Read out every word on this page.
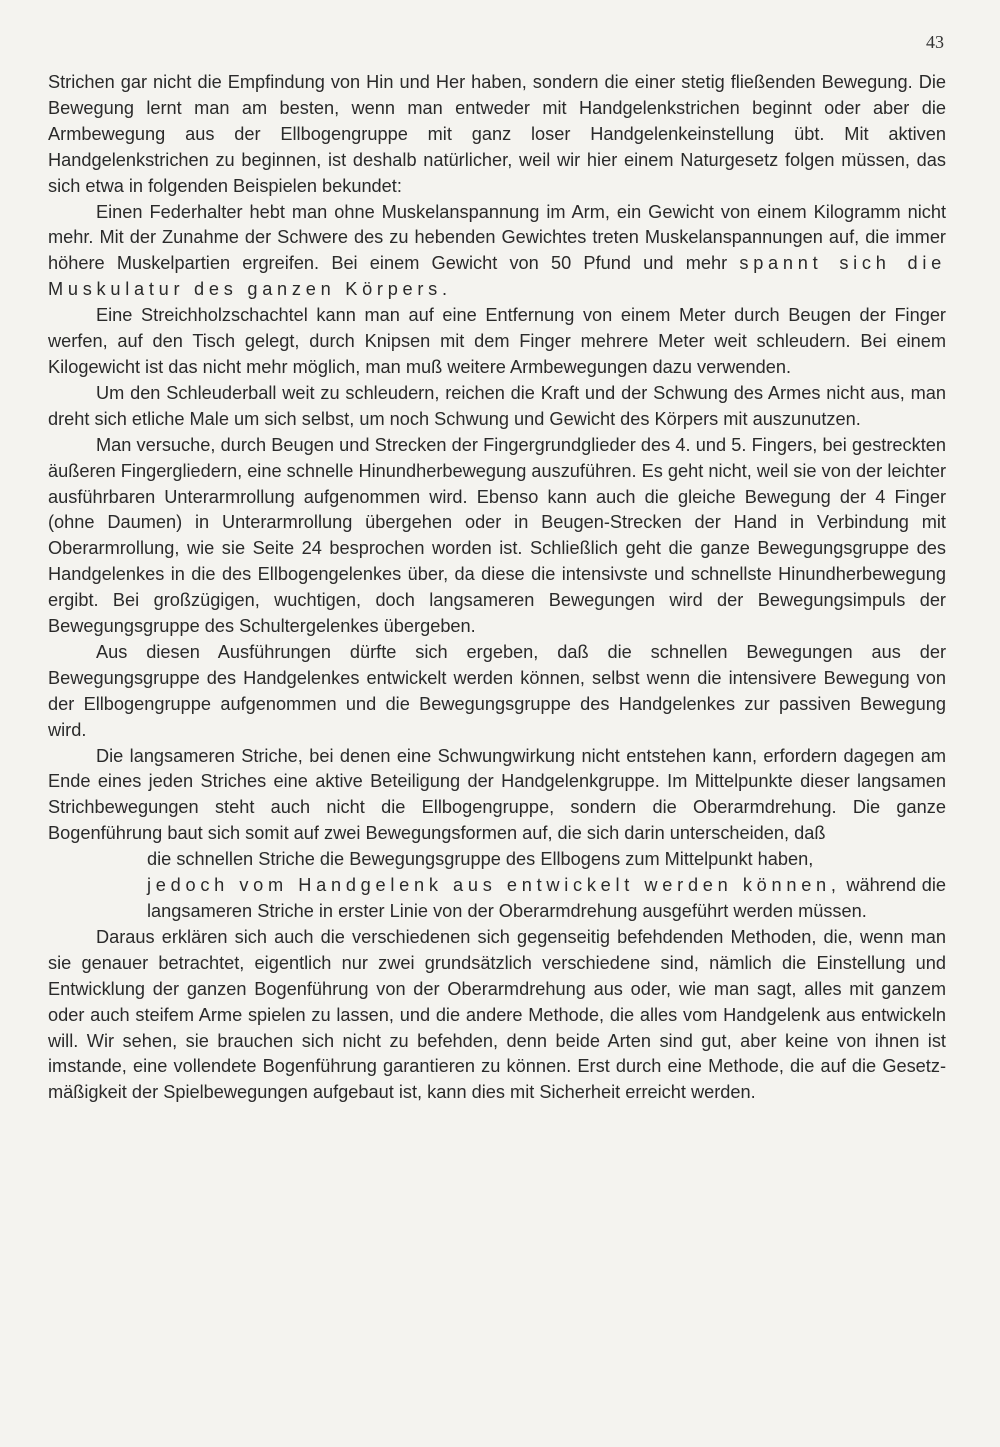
43

Strichen gar nicht die Empfindung von Hin und Her haben, sondern die einer stetig fließenden Bewegung. Die Bewegung lernt man am besten, wenn man entweder mit Handgelenkstrichen beginnt oder aber die Armbewegung aus der Ellbogengruppe mit ganz loser Handgelenkeinstellung übt. Mit aktiven Handgelenkstrichen zu beginnen, ist deshalb natürlicher, weil wir hier einem Naturgesetz folgen müssen, das sich etwa in folgenden Beispielen bekundet:

Einen Federhalter hebt man ohne Muskelanspannung im Arm, ein Gewicht von einem Kilogramm nicht mehr. Mit der Zunahme der Schwere des zu hebenden Gewichtes treten Muskelanspannungen auf, die immer höhere Muskelpartien ergreifen. Bei einem Gewicht von 50 Pfund und mehr spannt sich die Muskulatur des ganzen Körpers.

Eine Streichholzschachtel kann man auf eine Entfernung von einem Meter durch Beugen der Finger werfen, auf den Tisch gelegt, durch Knipsen mit dem Finger mehrere Meter weit schleudern. Bei einem Kilogewicht ist das nicht mehr möglich, man muß weitere Armbewegungen dazu verwenden.

Um den Schleuderball weit zu schleudern, reichen die Kraft und der Schwung des Armes nicht aus, man dreht sich etliche Male um sich selbst, um noch Schwung und Gewicht des Körpers mit auszunutzen.

Man versuche, durch Beugen und Strecken der Fingergrundglieder des 4. und 5. Fingers, bei gestreckten äußeren Fingergliedern, eine schnelle Hinundherbewegung auszuführen. Es geht nicht, weil sie von der leichter ausführbaren Unterarmrollung aufgenommen wird. Ebenso kann auch die gleiche Bewegung der 4 Finger (ohne Daumen) in Unterarmrollung übergehen oder in Beugen-Strecken der Hand in Verbindung mit Oberarmrollung, wie sie Seite 24 besprochen worden ist. Schließlich geht die ganze Bewegungsgruppe des Handgelenkes in die des Ellbogengelenkes über, da diese die intensivste und schnellste Hinundherbewegung ergibt. Bei großzügigen, wuchtigen, doch langsameren Bewegungen wird der Bewegungsimpuls der Bewegungsgruppe des Schultergelenkes übergeben.

Aus diesen Ausführungen dürfte sich ergeben, daß die schnellen Bewegungen aus der Bewegungsgruppe des Handgelenkes entwickelt werden können, selbst wenn die intensivere Bewegung von der Ellbogengruppe aufgenommen und die Bewegungsgruppe des Handgelenkes zur passiven Bewegung wird.

Die langsameren Striche, bei denen eine Schwungwirkung nicht entstehen kann, erfordern dagegen am Ende eines jeden Striches eine aktive Beteiligung der Handgelenkgruppe. Im Mittelpunkte dieser langsamen Strichbewegungen steht auch nicht die Ellbogengruppe, sondern die Oberarmdrehung. Die ganze Bogenführung baut sich somit auf zwei Bewegungsformen auf, die sich darin unterscheiden, daß

die schnellen Striche die Bewegungsgruppe des Ellbogens zum Mittelpunkt haben,
jedoch vom Handgelenk aus entwickelt werden können, während die langsameren Striche in erster Linie von der Oberarmdrehung ausgeführt werden müssen.

Daraus erklären sich auch die verschiedenen sich gegenseitig befehdenden Methoden, die, wenn man sie genauer betrachtet, eigentlich nur zwei grundsätzlich verschiedene sind, nämlich die Einstellung und Entwicklung der ganzen Bogenführung von der Oberarmdrehung aus oder, wie man sagt, alles mit ganzem oder auch steifem Arme spielen zu lassen, und die andere Methode, die alles vom Handgelenk aus entwickeln will. Wir sehen, sie brauchen sich nicht zu befehden, denn beide Arten sind gut, aber keine von ihnen ist imstande, eine vollendete Bogenführung garantieren zu können. Erst durch eine Methode, die auf die Gesetzmäßigkeit der Spielbewegungen aufgebaut ist, kann dies mit Sicherheit erreicht werden.
